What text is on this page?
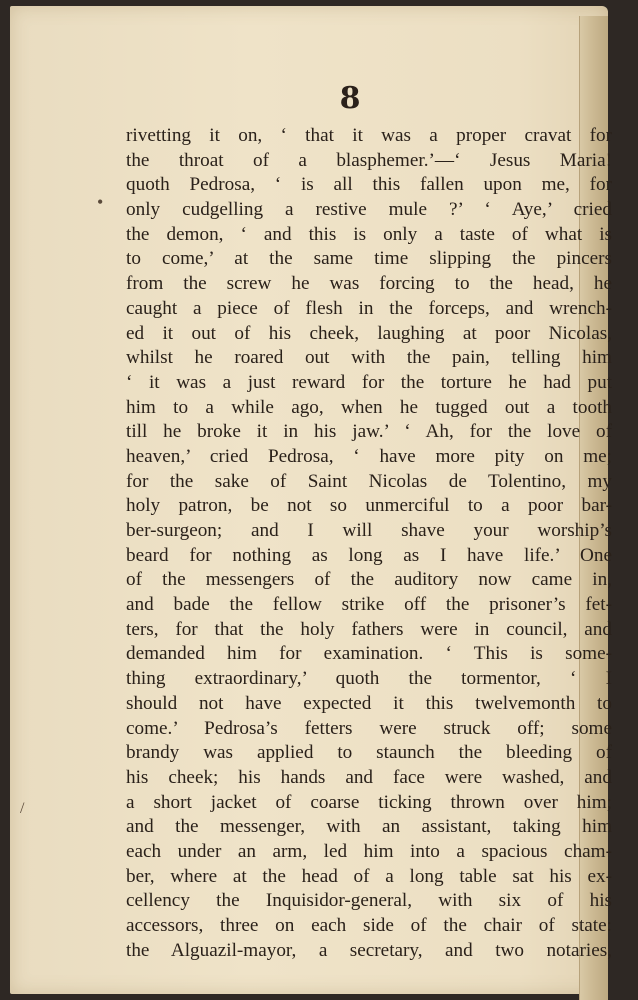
•
/
8
rivetting it on, ‘ that it was a proper cravat for
the throat of a blasphemer.’—‘ Jesus Maria!
quoth Pedrosa, ‘ is all this fallen upon me, for
only cudgelling a restive mule ?’ ‘ Aye,’ cried
the demon, ‘ and this is only a taste of what is
to come,’ at the same time slipping the pincers
from the screw he was forcing to the head, he
caught a piece of flesh in the forceps, and wrench-
ed it out of his cheek, laughing at poor Nicolas,
whilst he roared out with the pain, telling him
‘ it was a just reward for the torture he had put
him to a while ago, when he tugged out a tooth
till he broke it in his jaw.’ ‘ Ah, for the love of
heaven,’ cried Pedrosa, ‘ have more pity on me;
for the sake of Saint Nicolas de Tolentino, my
holy patron, be not so unmerciful to a poor bar-
ber-surgeon; and I will shave your worship’s
beard for nothing as long as I have life.’ One
of the messengers of the auditory now came in,
and bade the fellow strike off the prisoner’s fet-
ters, for that the holy fathers were in council, and
demanded him for examination. ‘ This is some-
thing extraordinary,’ quoth the tormentor, ‘ I
should not have expected it this twelvemonth to
come.’ Pedrosa’s fetters were struck off; some
brandy was applied to staunch the bleeding of
his cheek; his hands and face were washed, and
a short jacket of coarse ticking thrown over him;
and the messenger, with an assistant, taking him
each under an arm, led him into a spacious cham-
ber, where at the head of a long table sat his ex-
cellency the Inquisidor-general, with six of his
accessors, three on each side of the chair of state:
the Alguazil-mayor, a secretary, and two notaries,
